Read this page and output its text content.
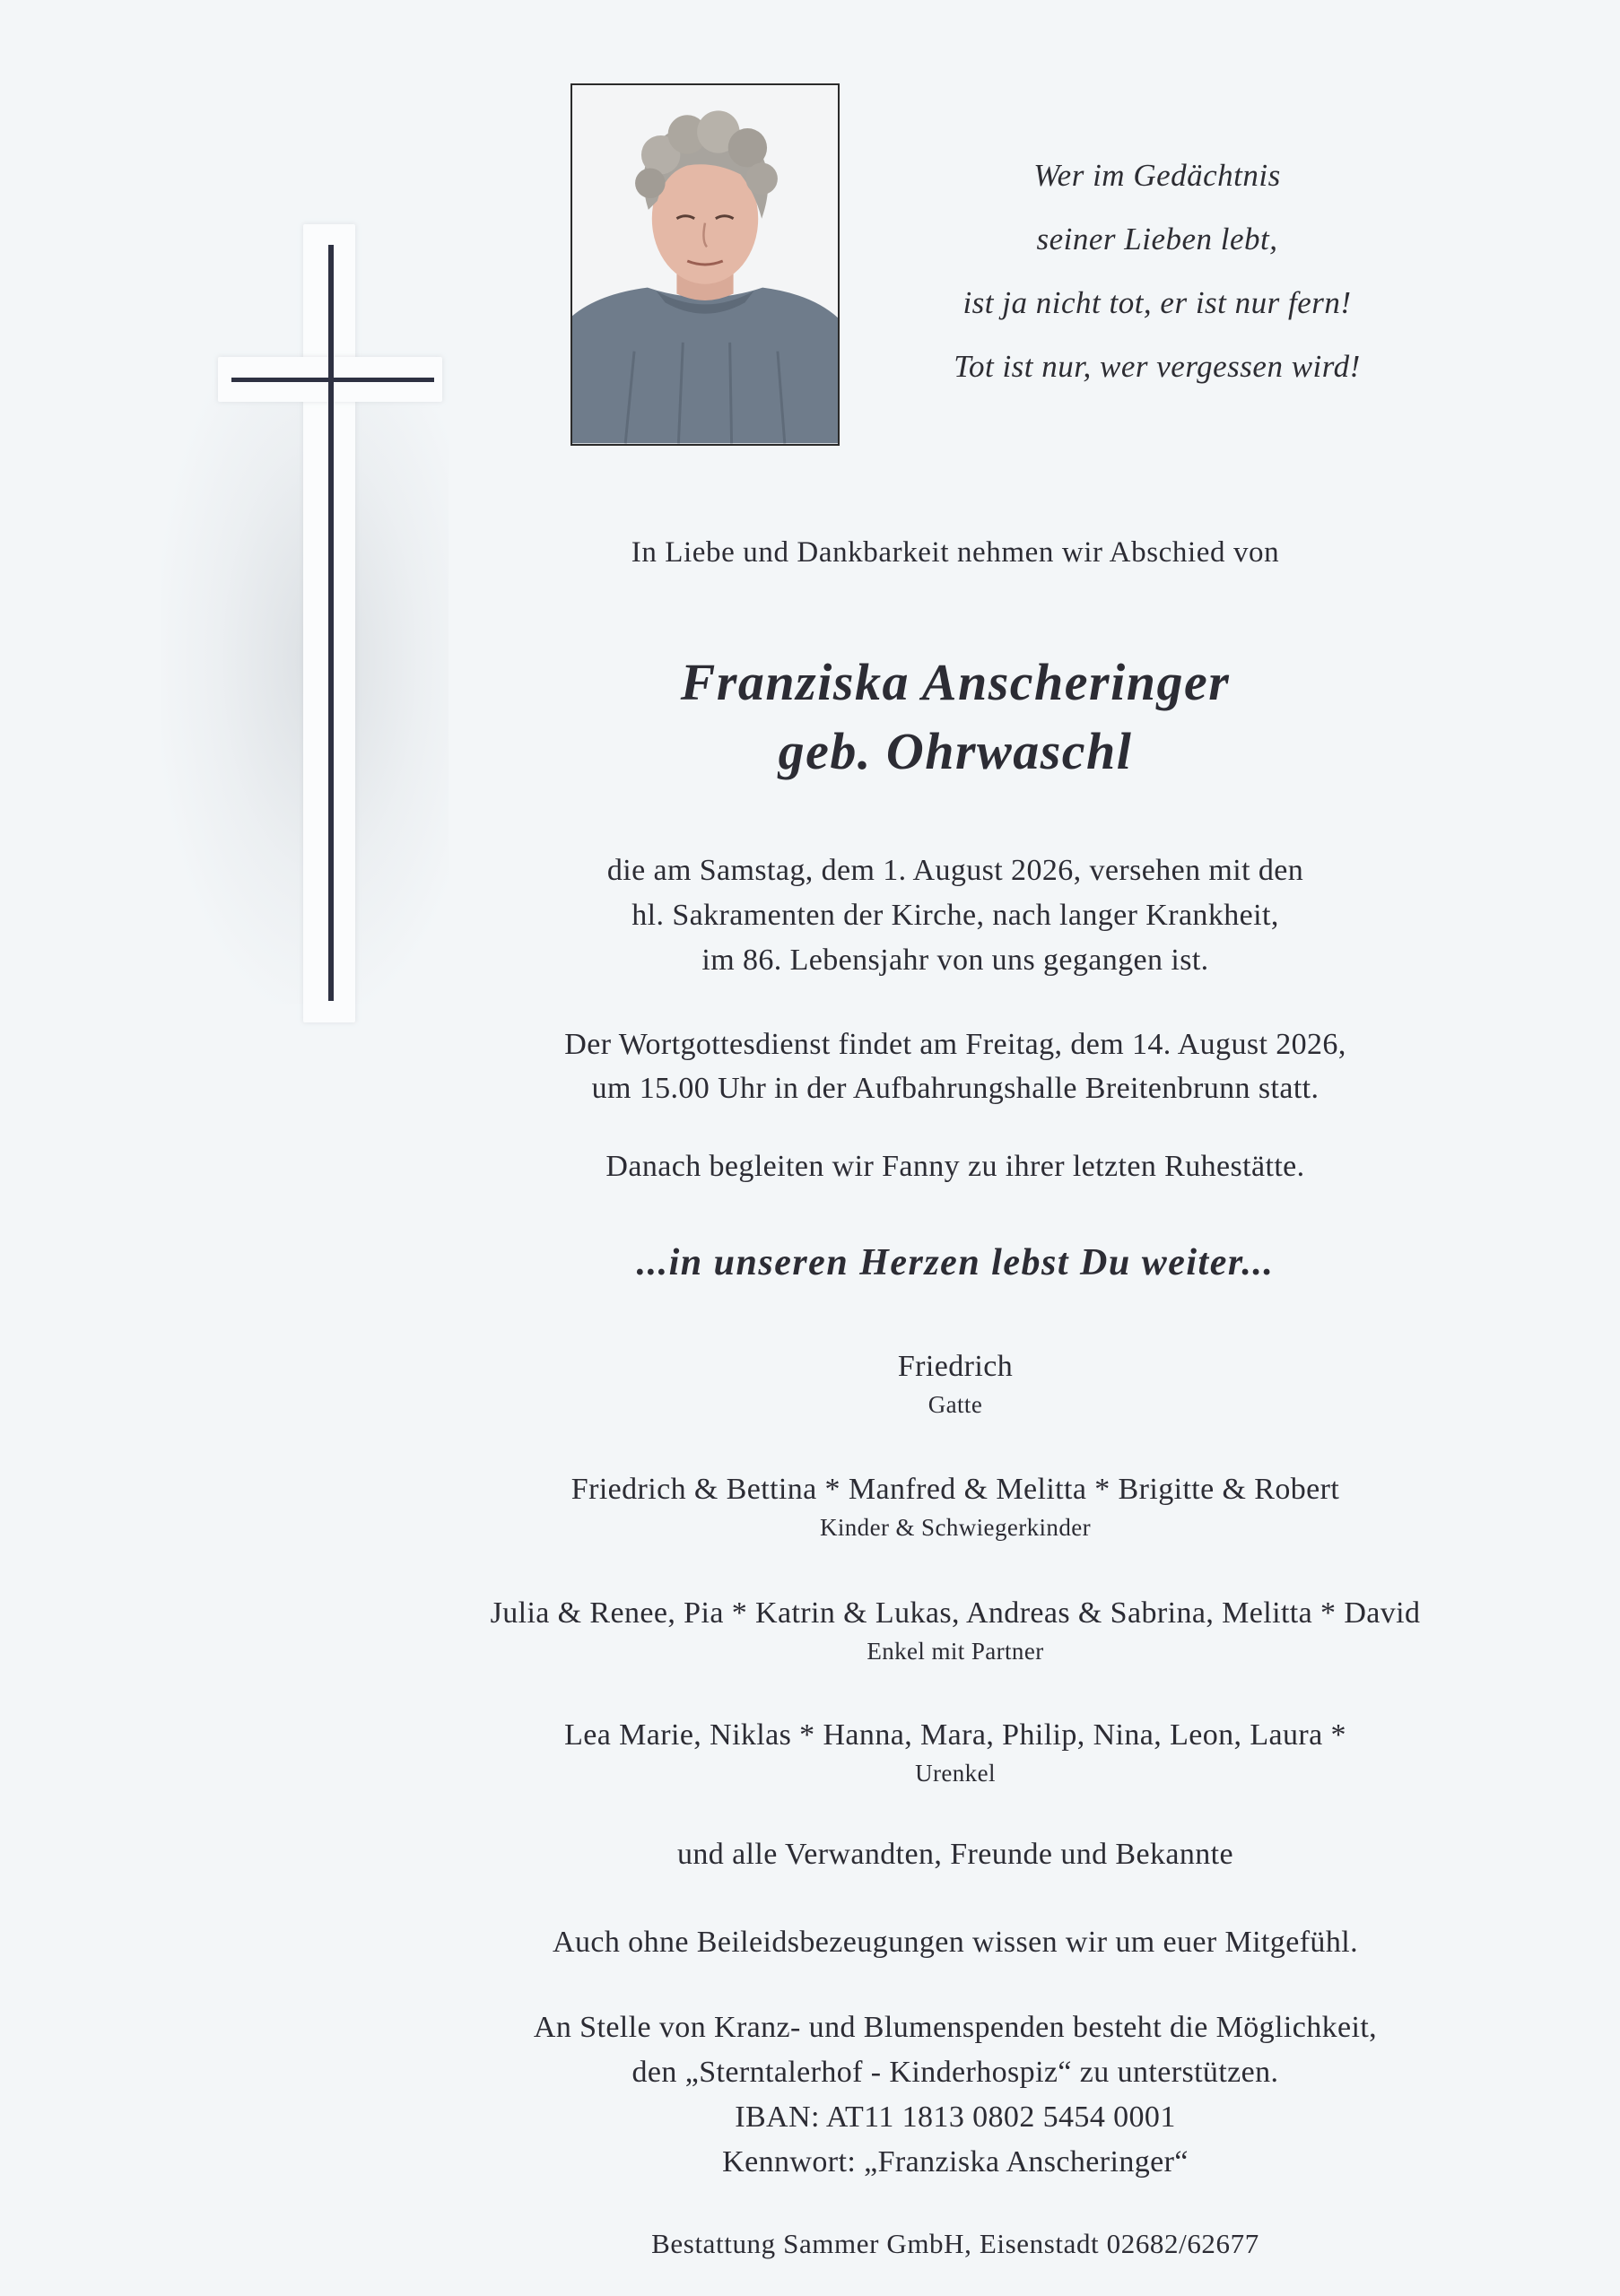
Wer im Gedächtnis
seiner Lieben lebt,
ist ja nicht tot, er ist nur fern!
Tot ist nur, wer vergessen wird!
In Liebe und Dankbarkeit nehmen wir Abschied von
Franziska Anscheringer
geb. Ohrwaschl
die am Samstag, dem 1. August 2026, versehen mit den
hl. Sakramenten der Kirche, nach langer Krankheit,
im 86. Lebensjahr von uns gegangen ist.
Der Wortgottesdienst findet am Freitag, dem 14. August 2026,
um 15.00 Uhr in der Aufbahrungshalle Breitenbrunn statt.
Danach begleiten wir Fanny zu ihrer letzten Ruhestätte.
...in unseren Herzen lebst Du weiter...
Friedrich
Gatte
Friedrich & Bettina * Manfred & Melitta * Brigitte & Robert
Kinder & Schwiegerkinder
Julia & Renee, Pia * Katrin & Lukas, Andreas & Sabrina, Melitta * David
Enkel mit Partner
Lea Marie, Niklas * Hanna, Mara, Philip, Nina, Leon, Laura *
Urenkel
und alle Verwandten, Freunde und Bekannte
Auch ohne Beileidsbezeugungen wissen wir um euer Mitgefühl.
An Stelle von Kranz- und Blumenspenden besteht die Möglichkeit,
den „Sterntalerhof - Kinderhospiz“ zu unterstützen.
IBAN: AT11 1813 0802 5454 0001
Kennwort: „Franziska Anscheringer“
Bestattung Sammer GmbH, Eisenstadt 02682/62677
